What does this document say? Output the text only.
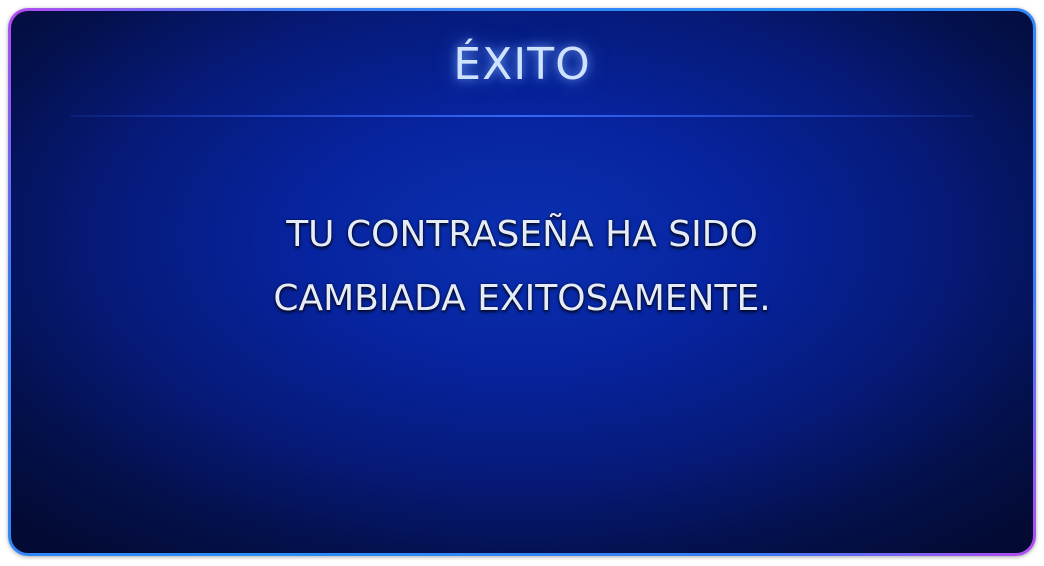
ÉXITO
TU CONTRASEÑA HA SIDO
CAMBIADA EXITOSAMENTE.
